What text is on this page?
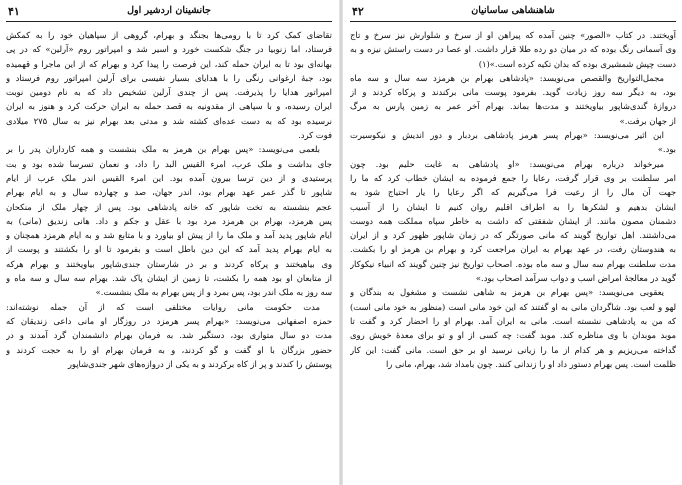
جانشینان اردشیر اول
۴۱
تقاضای کمک کرد تا با رومی‌ها بجنگد و بهرام، گروهی از سپاهیان خود را به کمکش
فرستاد، اما زنوبیا در جنگ شکست خورد و اسیر شد و امپراتور روم «آرلین» که در پی
بهانه‌ای بود تا به ایران حمله کند، این فرصت را پیدا کرد و بهرام که از این ماجرا و قهمیده
بود، جبهٔ ارغوانی رنگی را با هدایای بسیار نفیسی برای آرلین امپراتور روم فرستاد و
امپراتور هدایا را پذیرفت. پس از چندی آرلین تشخیص داد که به نام دومین نوبت
ایران رسیده، و با سپاهی از مقدونیه به قصد حمله به ایران حرکت کرد و هنوز به ایران
نرسیده بود که به دست عده‌ای کشته شد و مدتی بعد بهرام نیز به سال ۲۷۵ میلادی
فوت کرد.
بلعمی می‌نویسد: «پس بهرام بن هرمز به ملک بنشست و همه کارداران پدر را بر
جای بداشت و ملک عرب، امرء القیس البد را داد، و نعمان تسرسا شده بود و بت
پرستیدی و از دین ترسا بیرون آمده بود. این امرء القیس اندر ملک عرب از ایام
شاپور تا گذر عمر عهد بهرام بود، اندر جهان، صد و چهارده سال و به ایام بهرام
عجم بنشسته به تخت شاپور که خانه پادشاهی بود. پس از چهار ملک از منکحان
پس هرمزد، بهرام بن هرمزد مرد بود با عقل و جکم و داد. هانی زندیق (مانی) به
ایام شاپور پدید آمد و ملک ما را از پیش او بیاورد و با متابع شد و به ایام هرمزد همچنان و
به ایام بهرام پدید آمد که این دین باطل است و بفرمود تا او را بکشتند و پوست از
وی بیاهیختند و پرکاه کردند و بر در شارستان جندی‌شاپور بیاویختند و بهرام هرکه
از متابعان او بود همه را بکشت، تا زمین از ایشان پاک شد. بهرام سه سال و سه ماه و
سه روز به ملک اندر بود، پس بمرد و از پس بهرام به ملک بنشست.»
مدت حکومت مانی روایات مختلفی است که از آن جمله نوشته‌اند:
حمزه اصفهانی می‌نویسد: «بهرام پسر هرمزد در روزگار او مانی داعی زندیقان که
مدت دو سال متواری بود، دستگیر شد. به فرمان بهرام دانشمندان گرد آمدند و در
حضور بزرگان با او گفت و گو کردند، و به فرمان بهرام او را به حجت کردند و
پوستش را کندند و پر از کاه برکردند و به یکی از دروازه‌های شهر جندی‌شاپور
شاهنشاهی ساسانیان
۴۲
آویختند. در کتاب «الصور» چنین آمده که پیراهن او از سرخ و شلوارش نیز سرخ و تاج
وی آسمانی رنگ بوده که در میان دو رده طلا قرار داشت. او عصا در دست راستش نیزه و به
دست چپش شمشیری بوده که بدان تکیه کرده است.»(۱)
مجمل‌التواریخ و‌القصص می‌نویسد: «پادشاهی بهرام بن هرمزد سه سال و سه ماه
بود، به دیگر سه روز زیادت گوید. بفرمود پوست مانی برکندند و پرکاه کردند و از
دروازهٔ گندی‌شاپور بیاویختند و مدت‌ها بماند. بهرام آخر عمر به زمین پارس به مرگ
از جهان برفت.»
ابن اثیر می‌نویسد: «بهرام پسر هرمز پادشاهی بردبار و دور اندیش و نیکوسیرت
بود.»
میرخواند درباره بهرام می‌نویسد: «او پادشاهی به غایت حلیم بود. چون
امر سلطنت بر وی قرار گرفت، رعایا را جمع فرموده به ایشان خطاب کرد که ما را
جهت آن مال را از رعیت فرا می‌گیریم که اگر رعایا را یار احتیاج شود به
ایشان بدهیم و لشکرها را به اطراف اقلیم روان کنیم تا ایشان را از آسیب
دشمنان مصون مانند. از ایشان شفقتی که داشت به خاطر سپاه مملکت همه دوست
می‌داشتند. اهل تواریخ گویند که مانی صورتگر که در زمان شاپور ظهور کرد و از ایران
به هندوستان رفت، در عهد بهرام به ایران مراجعت کرد و بهرام بن هرمز او را بکشت.
مدت سلطنت بهرام سه سال و سه ماه بوده. اصحاب تواریخ نیز چنین گویند که انبیاء نیکوکار
گوید در معالجهٔ امراض اسب و دواب سرآمد اصحاب بود.»
یعقوبی می‌نویسد: «پس بهرام بن هرمز به شاهی نشست و مشغول به بندگان و
لهو و لعب بود. شاگردان مانی به او گفتند که این خود مانی است (منظور به خود مانی است)
که من به پادشاهی نشسته است. مانی به ایران آمد. بهرام او را احضار کرد و گفت تا
موبد موبدان با وی مناظره کند. موبد گفت: چه کسی از او و تو برای معدهٔ خویش روی
گداخته می‌ریزیم و هر کدام از ما را زیانی نرسید او بر حق است. مانی گفت: این کار
ظلمت است. پس بهرام دستور داد او را زندانی کنند. چون بامداد شد، بهرام، مانی را
